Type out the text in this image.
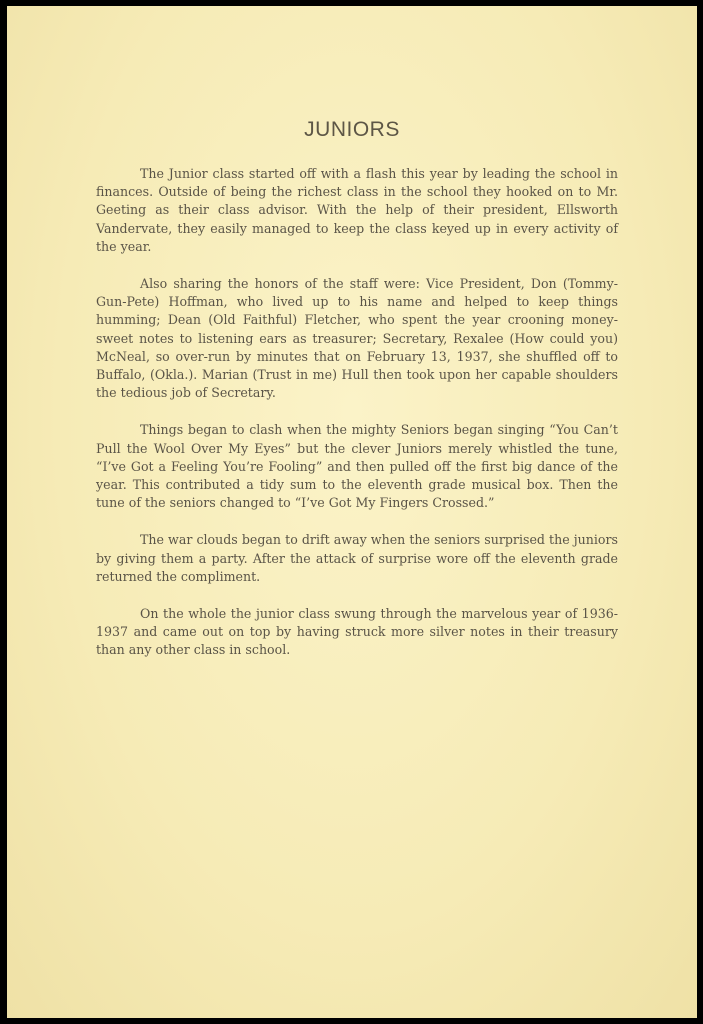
JUNIORS

The Junior class started off with a flash this year by leading the school in finances. Outside of being the richest class in the school they hooked on to Mr. Geeting as their class advisor. With the help of their president, Ellsworth Vandervate, they easily managed to keep the class keyed up in every activity of the year.

Also sharing the honors of the staff were: Vice President, Don (Tommy-Gun-Pete) Hoffman, who lived up to his name and helped to keep things humming; Dean (Old Faithful) Fletcher, who spent the year crooning money-sweet notes to listening ears as treasurer; Secretary, Rexalee (How could you) McNeal, so over-run by minutes that on February 13, 1937, she shuffled off to Buffalo, (Okla.). Marian (Trust in me) Hull then took upon her capable shoulders the tedious job of Secretary.

Things began to clash when the mighty Seniors began singing “You Can’t Pull the Wool Over My Eyes” but the clever Juniors merely whistled the tune, “I’ve Got a Feeling You’re Fooling” and then pulled off the first big dance of the year. This contributed a tidy sum to the eleventh grade musical box. Then the tune of the seniors changed to “I’ve Got My Fingers Crossed.”

The war clouds began to drift away when the seniors surprised the juniors by giving them a party. After the attack of surprise wore off the eleventh grade returned the compliment.

On the whole the junior class swung through the marvelous year of 1936-1937 and came out on top by having struck more silver notes in their treasury than any other class in school.
